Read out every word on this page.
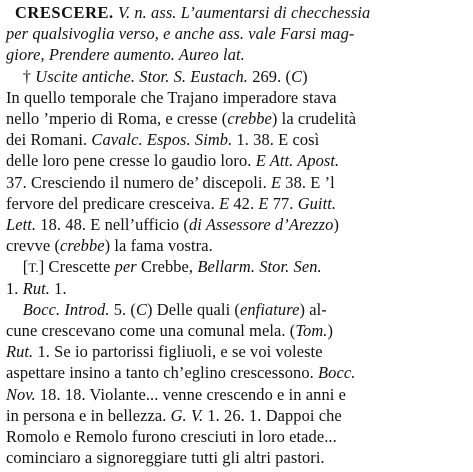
CRESCERE. V. n. ass. L’aumentarsi di checchessia
per qualsivoglia verso, e anche ass. vale Farsi mag-
giore, Prendere aumento. Aureo lat.
† Uscite antiche. Stor. S. Eustach. 269. (C)
In quello temporale che Trajano imperadore stava
nello ’mperio di Roma, e cresse (crebbe) la crudelità
dei Romani. Cavalc. Espos. Simb. 1. 38. E così
delle loro pene cresse lo gaudio loro. E Att. Apost.
37. Cresciendo il numero de’ discepoli. E 38. E ’l
fervore del predicare cresceiva. E 42. E 77. Guitt.
Lett. 18. 48. E nell’ufficio (di Assessore d’Arezzo)
crevve (crebbe) la fama vostra.
[T.] Crescette per Crebbe, Bellarm. Stor. Sen.
1. Rut. 1.
Bocc. Introd. 5. (C) Delle quali (enfiature) al-
cune crescevano come una comunal mela. (Tom.)
Rut. 1. Se io partorissi figliuoli, e se voi voleste
aspettare insino a tanto ch’eglino crescessono. Bocc.
Nov. 18. 18. Violante... venne crescendo e in anni e
in persona e in bellezza. G. V. 1. 26. 1. Dappoi che
Romolo e Remolo furono cresciuti in loro etade...
cominciaro a signoreggiare tutti gli altri pastori.
